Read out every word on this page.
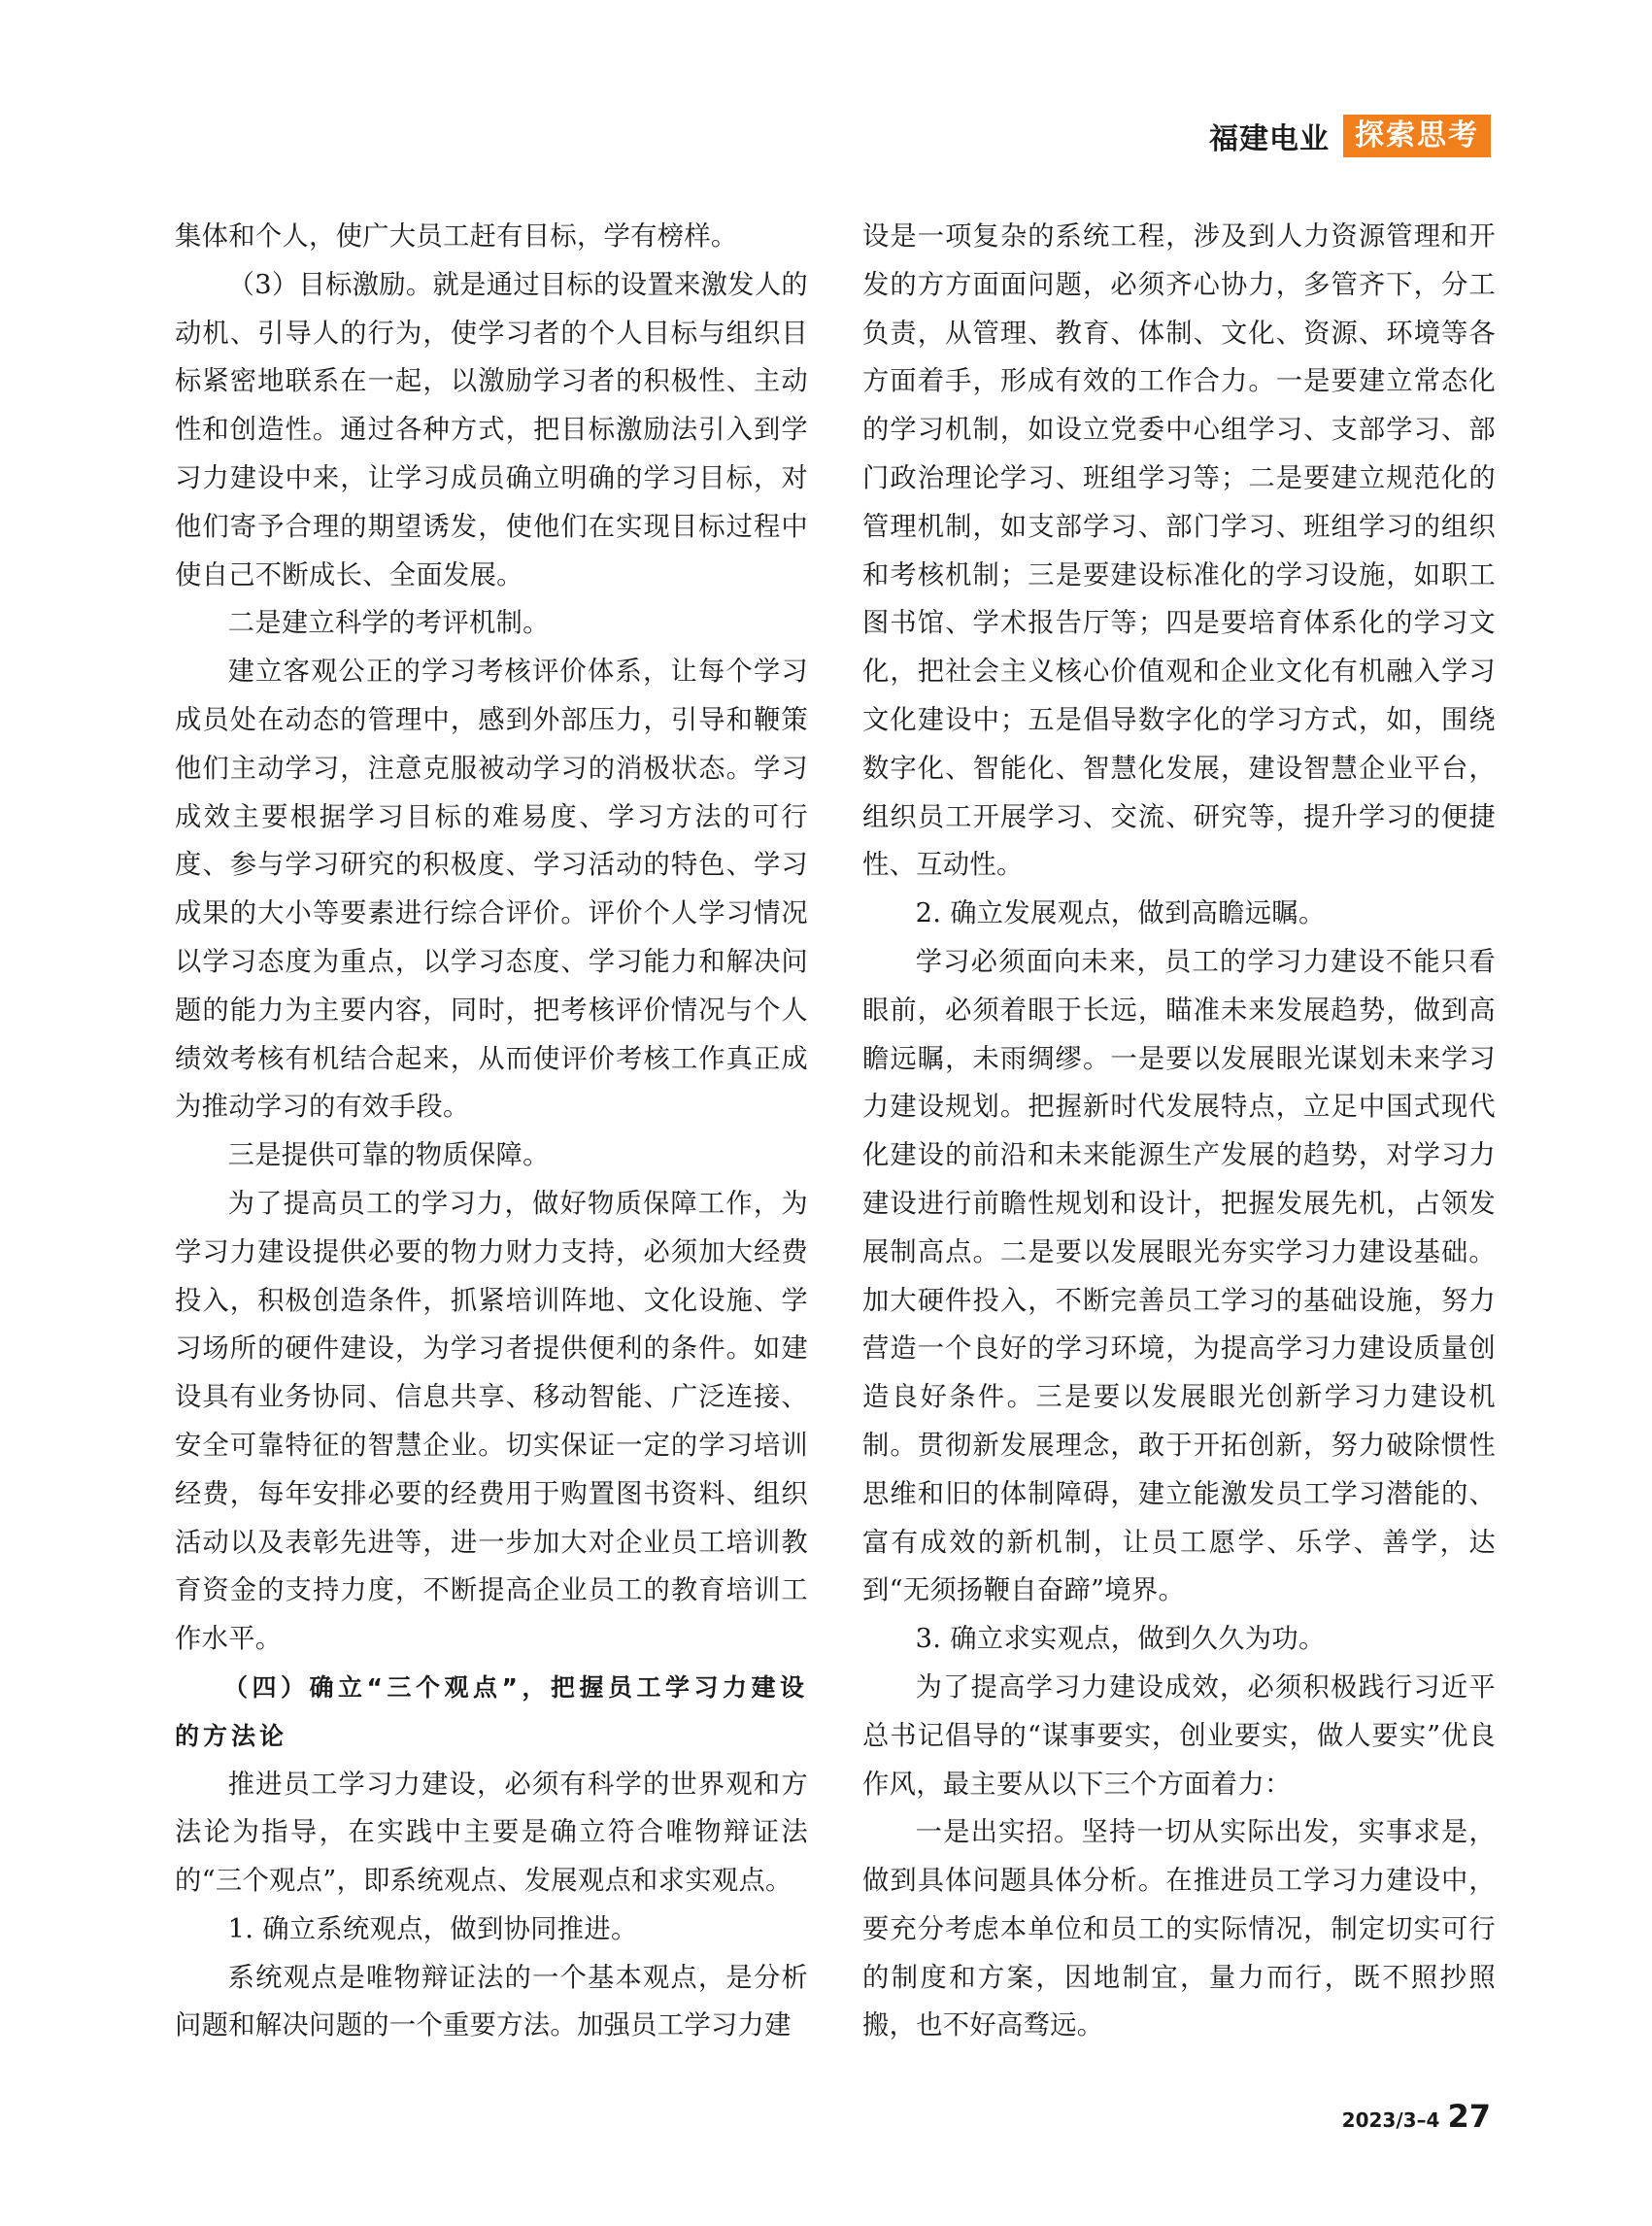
福建电业 探索思考

集体和个人，使广大员工赶有目标，学有榜样。

（3）目标激励。就是通过目标的设置来激发人的动机、引导人的行为，使学习者的个人目标与组织目标紧密地联系在一起，以激励学习者的积极性、主动性和创造性。通过各种方式，把目标激励法引入到学习力建设中来，让学习成员确立明确的学习目标，对他们寄予合理的期望诱发，使他们在实现目标过程中使自己不断成长、全面发展。

二是建立科学的考评机制。

建立客观公正的学习考核评价体系，让每个学习成员处在动态的管理中，感到外部压力，引导和鞭策他们主动学习，注意克服被动学习的消极状态。学习成效主要根据学习目标的难易度、学习方法的可行度、参与学习研究的积极度、学习活动的特色、学习成果的大小等要素进行综合评价。评价个人学习情况以学习态度为重点，以学习态度、学习能力和解决问题的能力为主要内容，同时，把考核评价情况与个人绩效考核有机结合起来，从而使评价考核工作真正成为推动学习的有效手段。

三是提供可靠的物质保障。

为了提高员工的学习力，做好物质保障工作，为学习力建设提供必要的物力财力支持，必须加大经费投入，积极创造条件，抓紧培训阵地、文化设施、学习场所的硬件建设，为学习者提供便利的条件。如建设具有业务协同、信息共享、移动智能、广泛连接、安全可靠特征的智慧企业。切实保证一定的学习培训经费，每年安排必要的经费用于购置图书资料、组织活动以及表彰先进等，进一步加大对企业员工培训教育资金的支持力度，不断提高企业员工的教育培训工作水平。

（四）确立“三个观点”，把握员工学习力建设的方法论

推进员工学习力建设，必须有科学的世界观和方法论为指导，在实践中主要是确立符合唯物辩证法的“三个观点”，即系统观点、发展观点和求实观点。

1. 确立系统观点，做到协同推进。

系统观点是唯物辩证法的一个基本观点，是分析问题和解决问题的一个重要方法。加强员工学习力建

设是一项复杂的系统工程，涉及到人力资源管理和开发的方方面面问题，必须齐心协力，多管齐下，分工负责，从管理、教育、体制、文化、资源、环境等各方面着手，形成有效的工作合力。一是要建立常态化的学习机制，如设立党委中心组学习、支部学习、部门政治理论学习、班组学习等；二是要建立规范化的管理机制，如支部学习、部门学习、班组学习的组织和考核机制；三是要建设标准化的学习设施，如职工图书馆、学术报告厅等；四是要培育体系化的学习文化，把社会主义核心价值观和企业文化有机融入学习文化建设中；五是倡导数字化的学习方式，如，围绕数字化、智能化、智慧化发展，建设智慧企业平台，组织员工开展学习、交流、研究等，提升学习的便捷性、互动性。

2. 确立发展观点，做到高瞻远瞩。

学习必须面向未来，员工的学习力建设不能只看眼前，必须着眼于长远，瞄准未来发展趋势，做到高瞻远瞩，未雨绸缪。一是要以发展眼光谋划未来学习力建设规划。把握新时代发展特点，立足中国式现代化建设的前沿和未来能源生产发展的趋势，对学习力建设进行前瞻性规划和设计，把握发展先机，占领发展制高点。二是要以发展眼光夯实学习力建设基础。加大硬件投入，不断完善员工学习的基础设施，努力营造一个良好的学习环境，为提高学习力建设质量创造良好条件。三是要以发展眼光创新学习力建设机制。贯彻新发展理念，敢于开拓创新，努力破除惯性思维和旧的体制障碍，建立能激发员工学习潜能的、富有成效的新机制，让员工愿学、乐学、善学，达到“无须扬鞭自奋蹄”境界。

3. 确立求实观点，做到久久为功。

为了提高学习力建设成效，必须积极践行习近平总书记倡导的“谋事要实，创业要实，做人要实”优良作风，最主要从以下三个方面着力：

一是出实招。坚持一切从实际出发，实事求是，做到具体问题具体分析。在推进员工学习力建设中，要充分考虑本单位和员工的实际情况，制定切实可行的制度和方案，因地制宜，量力而行，既不照抄照搬，也不好高骛远。

2023/3–4 27
